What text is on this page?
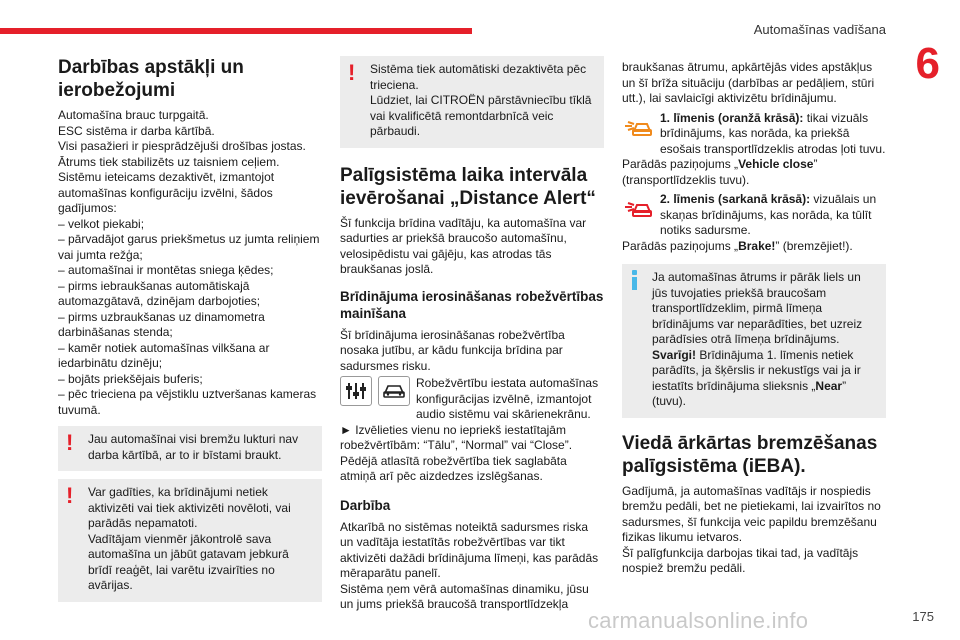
Automašīnas vadīšana
6
Darbības apstākļi un ierobežojumi

Automašīna brauc turpgaitā.

ESC sistēma ir darba kārtībā.

Visi pasažieri ir piesprādzējuši drošības jostas.

Ātrums tiek stabilizēts uz taisniem ceļiem.

Sistēmu ieteicams dezaktivēt, izmantojot automašīnas konfigurāciju izvēlni, šādos gadījumos:

– velkot piekabi;

– pārvadājot garus priekšmetus uz jumta reliņiem vai jumta režģa;

– automašīnai ir montētas sniega ķēdes;

– pirms iebraukšanas automātiskajā automazgātavā, dzinējam darbojoties;

– pirms uzbraukšanas uz dinamometra darbināšanas stenda;

– kamēr notiek automašīnas vilkšana ar iedarbinātu dzinēju;

– bojāts priekšējais buferis;

– pēc trieciena pa vējstiklu uztveršanas kameras tuvumā.

! Jau automašīnai visi bremžu lukturi nav darba kārtībā, ar to ir bīstami braukt.

! Var gadīties, ka brīdinājumi netiek aktivizēti vai tiek aktivizēti novēloti, vai parādās nepamatoti.

Vadītājam vienmēr jākontrolē sava automašīna un jābūt gatavam jebkurā brīdī reaģēt, lai varētu izvairīties no avārijas.

! Sistēma tiek automātiski dezaktivēta pēc trieciena.

Lūdziet, lai CITROËN pārstāvniecību tīklā vai kvalificētā remontdarbnīcā veic pārbaudi.

Palīgsistēma laika intervāla ievērošanai „Distance Alert“

Šī funkcija brīdina vadītāju, ka automašīna var sadurties ar priekšā braucošo automašīnu, velosipēdistu vai gājēju, kas atrodas tās braukšanas joslā.

Brīdinājuma ierosināšanas robežvērtības mainīšana

Šī brīdinājuma ierosināšanas robežvērtība nosaka jutību, ar kādu funkcija brīdina par sadursmes risku.

Robežvērtību iestata automašīnas konfigurācijas izvēlnē, izmantojot audio sistēmu vai skārienekrānu.

► Izvēlieties vienu no iepriekš iestatītajām robežvērtībām: “Tālu”, “Normal” vai “Close”.

Pēdējā atlasītā robežvērtība tiek saglabāta atmiņā arī pēc aizdedzes izslēgšanas.

Darbība

Atkarībā no sistēmas noteiktā sadursmes riska un vadītāja iestatītās robežvērtības var tikt aktivizēti dažādi brīdinājuma līmeņi, kas parādās mēraparātu panelī.

Sistēma ņem vērā automašīnas dinamiku, jūsu un jums priekšā braucošā transportlīdzekļa

braukšanas ātrumu, apkārtējās vides apstākļus un šī brīža situāciju (darbības ar pedāļiem, stūri utt.), lai savlaicīgi aktivizētu brīdinājumu.

1. līmenis (oranžā krāsā): tikai vizuāls brīdinājums, kas norāda, ka priekšā esošais transportlīdzeklis atrodas ļoti tuvu.

Parādās paziņojums „Vehicle close” (transportlīdzeklis tuvu).

2. līmenis (sarkanā krāsā): vizuālais un skaņas brīdinājums, kas norāda, ka tūlīt notiks sadursme.

Parādās paziņojums „Brake!” (bremzējiet!).

Ja automašīnas ātrums ir pārāk liels un jūs tuvojaties priekšā braucošam transportlīdzeklim, pirmā līmeņa brīdinājums var neparādīties, bet uzreiz parādīsies otrā līmeņa brīdinājums.

Svarīgi! Brīdinājuma 1. līmenis netiek parādīts, ja šķērslis ir nekustīgs vai ja ir iestatīts brīdinājuma slieksnis „Near” (tuvu).

Viedā ārkārtas bremzēšanas palīgsistēma (iEBA).

Gadījumā, ja automašīnas vadītājs ir nospiedis bremžu pedāli, bet ne pietiekami, lai izvairītos no sadursmes, šī funkcija veic papildu bremzēšanu fizikas likumu ietvaros.

Šī palīgfunkcija darbojas tikai tad, ja vadītājs nospiež bremžu pedāli.

carmanualsonline.info	175
